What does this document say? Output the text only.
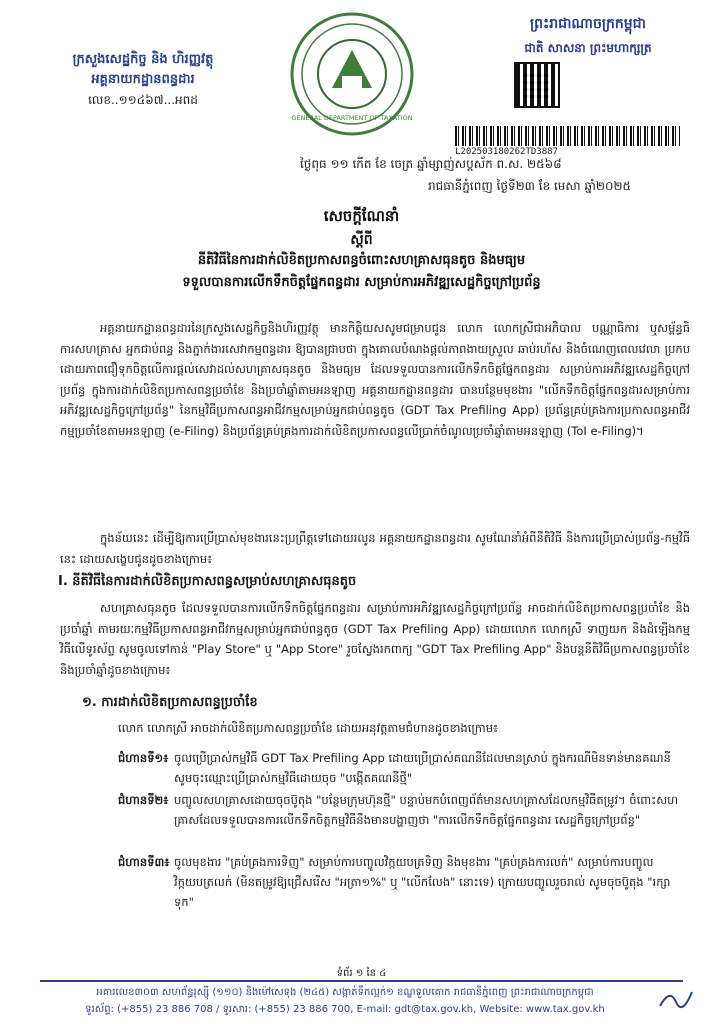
ក្រសួងសេដ្ឋកិច្ច និង ហិរញ្ញវត្ថុ
អគ្គនាយកដ្ឋានពន្ធដារ
លេខ..១១៤៦៧...អពដ
GENERAL DEPARTMENT OF TAXATION
ព្រះរាជាណាចក្រកម្ពុជា
ជាតិ សាសនា ព្រះមហាក្សត្រ
L202503180262TD3887
ថ្ងៃ​ពុធ ១១ កើត ខែ ចេត្រ ឆ្នាំម្សាញ់​សប្តស័ក ព.ស. ២៥៦៨
រាជធានីភ្នំពេញ ថ្ងៃទី២៣ ខែ មេសា ឆ្នាំ២០២៥
សេចក្តីណែនាំ
ស្តីពី
នីតិវិធីនៃការដាក់លិខិតប្រកាសពន្ធចំពោះសហគ្រាសធុនតូច និងមធ្យម
ទទួលបានការលើកទឹកចិត្តផ្នែកពន្ធដារ សម្រាប់ការអភិវឌ្ឍសេដ្ឋកិច្ចក្រៅប្រព័ន្ធ
អគ្គនាយកដ្ឋានពន្ធដារនៃក្រសួងសេដ្ឋកិច្ចនិងហិរញ្ញវត្ថុ មានកិត្តិយសសូមជម្រាបជូន លោក លោកស្រីជាអភិបាល បណ្ណាធិការ ឬសម្ព័ន្ធធិការសហគ្រាស អ្នកជាប់ពន្ធ និងភ្នាក់ងារសេវាកម្មពន្ធដារ ឱ្យបានជ្រាបថា ក្នុងគោលបំណងផ្តល់ភាពងាយស្រួល ឆាប់រហ័ស និងចំណេញពេលវេលា ប្រកបដោយភាពជឿទុកចិត្តលើការផ្តល់សេវាដល់សហគ្រាសធុនតូច និងមធ្យម ដែលទទួលបានការលើកទឹកចិត្តផ្នែកពន្ធដារ សម្រាប់ការអភិវឌ្ឍសេដ្ឋកិច្ចក្រៅប្រព័ន្ធ ក្នុងការដាក់លិខិតប្រកាសពន្ធប្រចាំខែ និងប្រចាំឆ្នាំតាមអនឡាញ អគ្គនាយកដ្ឋានពន្ធដារ បានបន្ថែមមុខងារ "លើកទឹកចិត្តផ្នែកពន្ធដារសម្រាប់ការអភិវឌ្ឍសេដ្ឋកិច្ចក្រៅប្រព័ន្ធ" នៃកម្មវិធីប្រកាសពន្ធអាជីវកម្មសម្រាប់អ្នកជាប់ពន្ធតូច (GDT Tax Prefiling App) ប្រព័ន្ធគ្រប់គ្រងការប្រកាសពន្ធអាជីវកម្មប្រចាំខែតាមអនឡាញ (e-Filing) និងប្រព័ន្ធគ្រប់គ្រងការដាក់លិខិតប្រកាសពន្ធលើប្រាក់ចំណូលប្រចាំឆ្នាំតាមអនឡាញ (ToI e-Filing)។
ក្នុងន័យនេះ ដើម្បីឱ្យការប្រើប្រាស់មុខងារនេះប្រព្រឹត្តទៅដោយរលូន អគ្គនាយកដ្ឋានពន្ធដារ សូមណែនាំអំពីនីតិវិធី និងការប្រើប្រាស់ប្រព័ន្ធ-កម្មវិធីនេះ ដោយសង្ខេបជូនដូចខាងក្រោម៖
I. នីតិវិធីនៃការដាក់លិខិតប្រកាសពន្ធសម្រាប់សហគ្រាសធុនតូច
សហគ្រាសធុនតូច ដែលទទួលបានការលើកទឹកចិត្តផ្នែកពន្ធដារ សម្រាប់ការអភិវឌ្ឍសេដ្ឋកិច្ចក្រៅប្រព័ន្ធ អាចដាក់លិខិតប្រកាសពន្ធប្រចាំខែ និងប្រចាំឆ្នាំ តាមរយៈកម្មវិធីប្រកាសពន្ធអាជីវកម្មសម្រាប់អ្នកជាប់ពន្ធតូច (GDT Tax Prefiling App) ដោយលោក លោកស្រី ទាញយក និងដំឡើងកម្មវិធីលើទូរស័ព្ទ សូមចូលទៅកាន់ "Play Store" ឬ "App Store" រួចស្វែងរកពាក្យ "GDT Tax Prefiling App" និងបន្តនីតិវិធីប្រកាសពន្ធប្រចាំខែ និងប្រចាំឆ្នាំដូចខាងក្រោម៖
១. ការដាក់លិខិតប្រកាសពន្ធប្រចាំខែ
លោក លោកស្រី អាចដាក់លិខិតប្រកាសពន្ធប្រចាំខែ ដោយអនុវត្តតាមជំហានដូចខាងក្រោម៖
ជំហានទី១៖ ចូលប្រើប្រាស់កម្មវិធី GDT Tax Prefiling App ដោយប្រើប្រាស់គណនីដែលមានស្រាប់ ក្នុងករណីមិនទាន់មានគណនី សូមចុះឈ្មោះប្រើប្រាស់កម្មវិធីដោយចុច "បង្កើតគណនីថ្មី"
ជំហានទី២៖ បញ្ចូលសហគ្រាសដោយចុចប៊ូតុង "បន្ថែមក្រុមហ៊ុនថ្មី" បន្ទាប់មកបំពេញព័ត៌មានសហគ្រាសដែលកម្មវិធីតម្រូវ។ ចំពោះសហគ្រាសដែលទទួលបានការលើកទឹកចិត្តកម្មវិធីនឹងមានបង្ហាញថា "ការលើកទឹកចិត្តផ្នែកពន្ធដារ សេដ្ឋកិច្ចក្រៅប្រព័ន្ធ"
ជំហានទី៣៖ ចូលមុខងារ "គ្រប់គ្រងការទិញ" សម្រាប់ការបញ្ចូលវិក្កយបត្រទិញ និងមុខងារ "គ្រប់គ្រងការលក់" សម្រាប់ការបញ្ចូលវិក្កយបត្រលក់ (មិនតម្រូវឱ្យជ្រើសរើស "អត្រា១%" ឬ "លើកលែង" នោះទេ) ក្រោយបញ្ចូលរួចរាល់ សូមចុចប៊ូតុង "រក្សាទុក"
ទំព័រ ១ នៃ ៤
អគារលេខ៣០៣ សហព័ន្ធរុស្ស៊ី (១១០) និងម៉ៅសេទុង (២៤៥) សង្កាត់ទឹកល្អក់១ ខណ្ឌទួលគោក រាជធានីភ្នំពេញ ព្រះរាជាណាចក្រកម្ពុជា
ទូរស័ព្ទ: (+855) 23 886 708 / ទូរសារ: (+855) 23 886 700, E-mail: gdt@tax.gov.kh, Website: www.tax.gov.kh
